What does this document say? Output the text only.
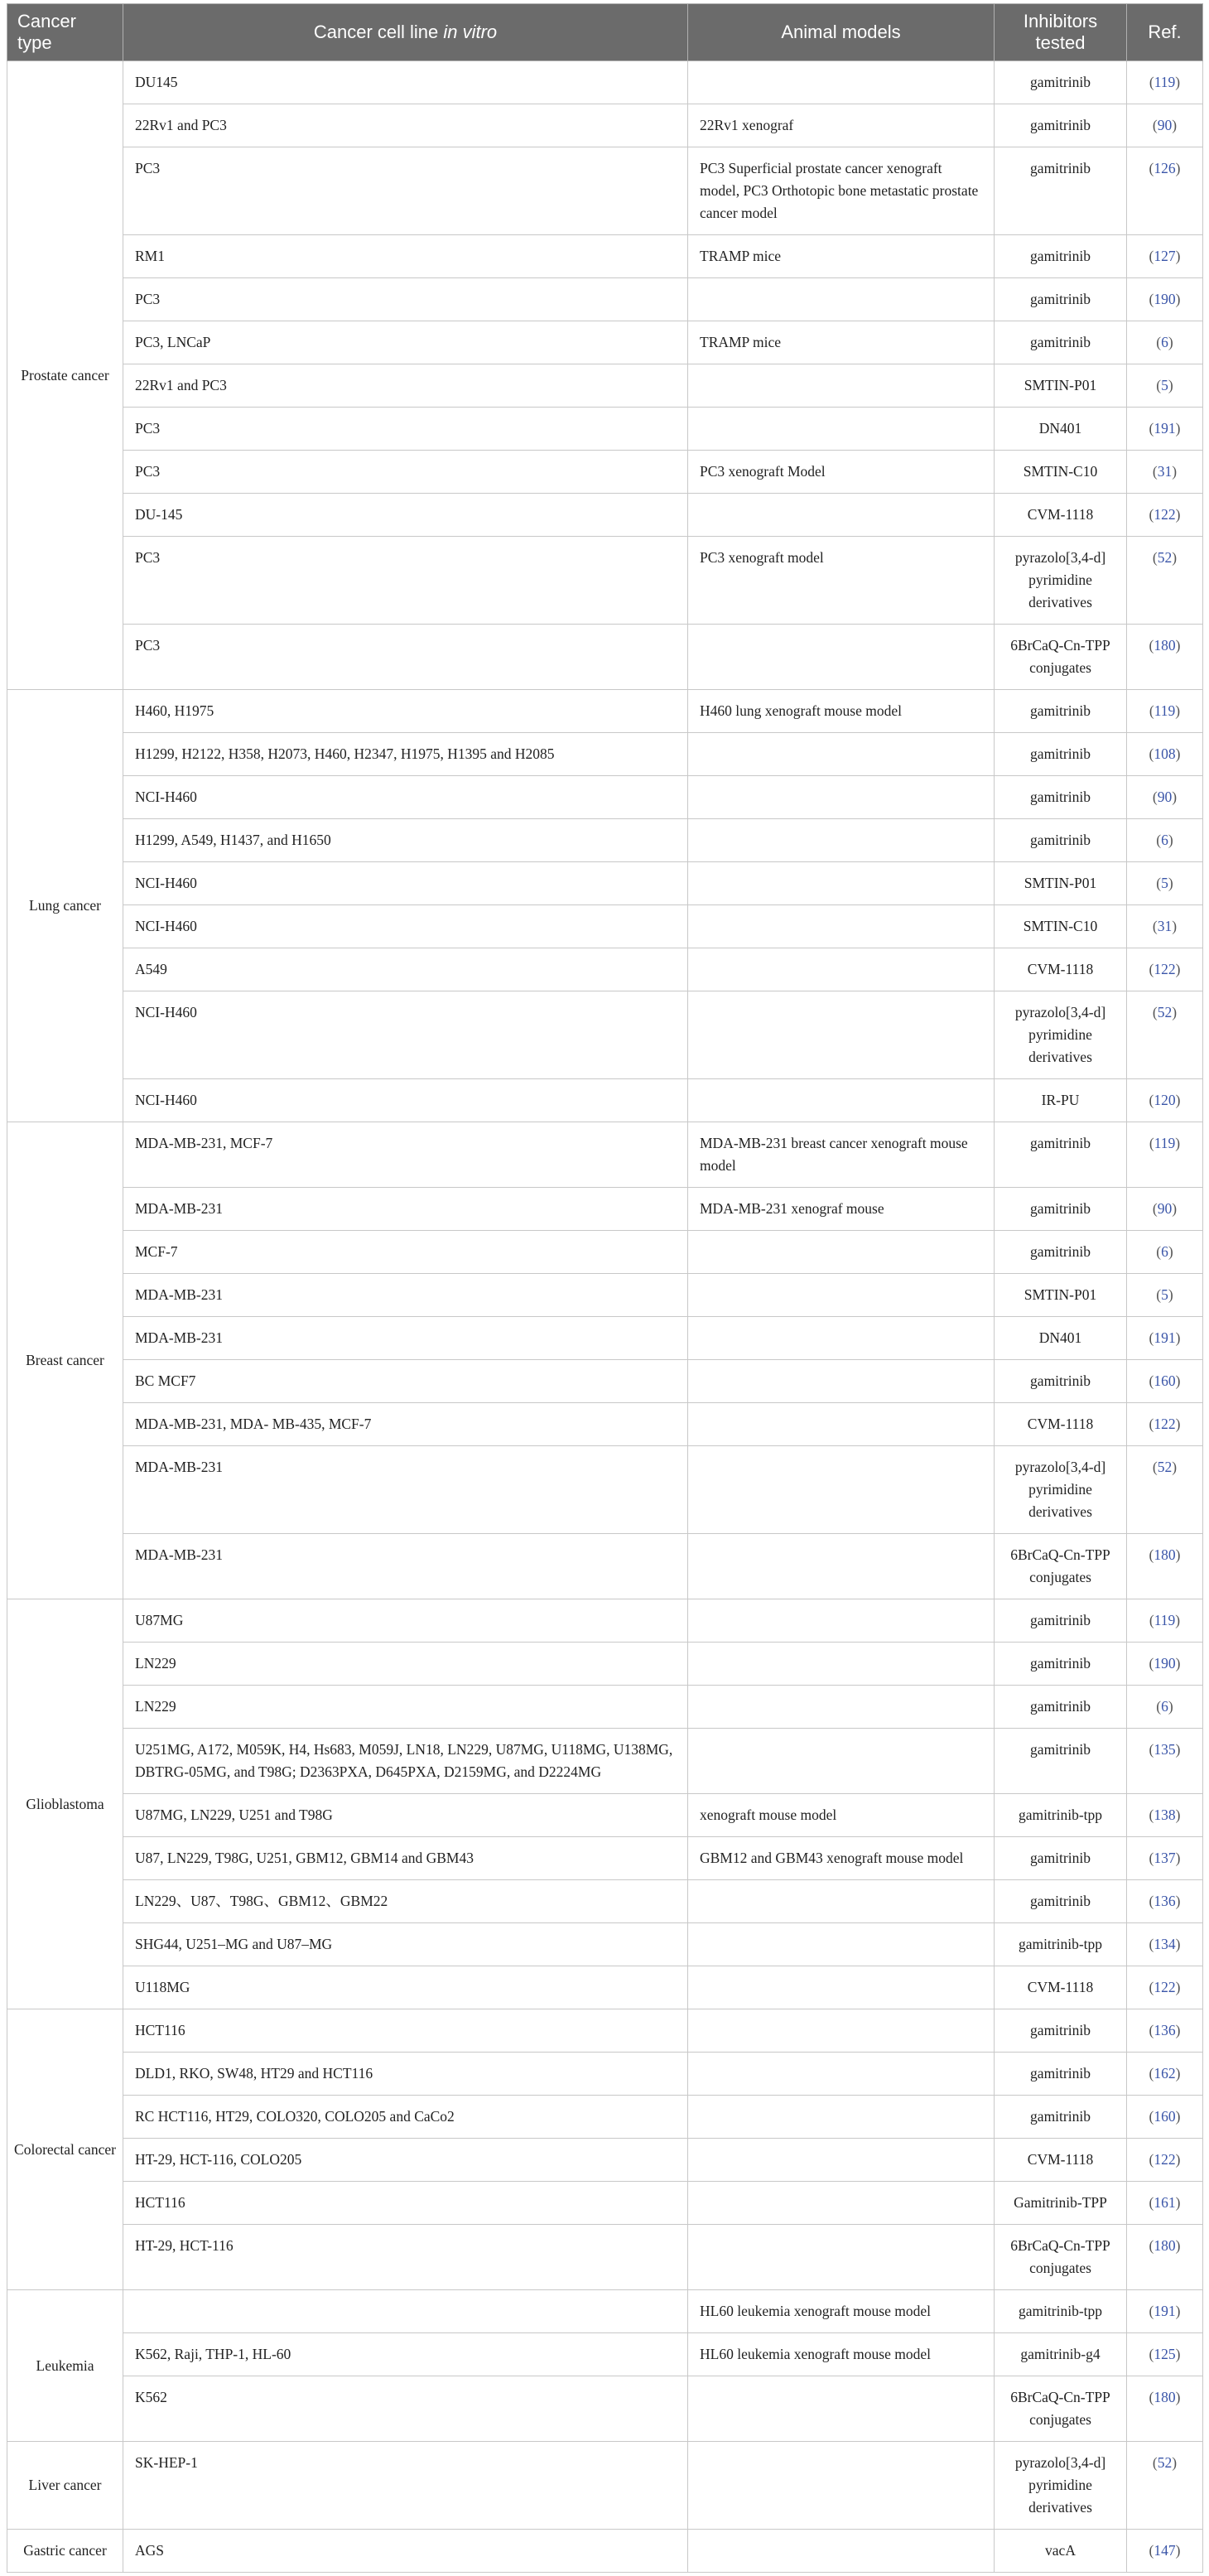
Cancer type	Cancer cell line in vitro	Animal models	Inhibitors tested	Ref.
Prostate cancer	DU145		gamitrinib	(119)
	22Rv1 and PC3	22Rv1 xenograf	gamitrinib	(90)
	PC3	PC3 Superficial prostate cancer xenograft model, PC3 Orthotopic bone metastatic prostate cancer model	gamitrinib	(126)
	RM1	TRAMP mice	gamitrinib	(127)
	PC3		gamitrinib	(190)
	PC3, LNCaP	TRAMP mice	gamitrinib	(6)
	22Rv1 and PC3		SMTIN-P01	(5)
	PC3		DN401	(191)
	PC3	PC3 xenograft Model	SMTIN-C10	(31)
	DU-145		CVM-1118	(122)
	PC3	PC3 xenograft model	pyrazolo[3,4-d] pyrimidine derivatives	(52)
	PC3		6BrCaQ-Cn-TPP conjugates	(180)
Lung cancer	H460, H1975	H460 lung xenograft mouse model	gamitrinib	(119)
	H1299, H2122, H358, H2073, H460, H2347, H1975, H1395 and H2085		gamitrinib	(108)
	NCI-H460		gamitrinib	(90)
	H1299, A549, H1437, and H1650		gamitrinib	(6)
	NCI-H460		SMTIN-P01	(5)
	NCI-H460		SMTIN-C10	(31)
	A549		CVM-1118	(122)
	NCI-H460		pyrazolo[3,4-d] pyrimidine derivatives	(52)
	NCI-H460		IR-PU	(120)
Breast cancer	MDA-MB-231, MCF-7	MDA-MB-231 breast cancer xenograft mouse model	gamitrinib	(119)
	MDA-MB-231	MDA-MB-231 xenograf mouse	gamitrinib	(90)
	MCF-7		gamitrinib	(6)
	MDA-MB-231		SMTIN-P01	(5)
	MDA-MB-231		DN401	(191)
	BC MCF7		gamitrinib	(160)
	MDA-MB-231, MDA- MB-435, MCF-7		CVM-1118	(122)
	MDA-MB-231		pyrazolo[3,4-d] pyrimidine derivatives	(52)
	MDA-MB-231		6BrCaQ-Cn-TPP conjugates	(180)
Glioblastoma	U87MG		gamitrinib	(119)
	LN229		gamitrinib	(190)
	LN229		gamitrinib	(6)
	U251MG, A172, M059K, H4, Hs683, M059J, LN18, LN229, U87MG, U118MG, U138MG, DBTRG-05MG, and T98G; D2363PXA, D645PXA, D2159MG, and D2224MG		gamitrinib	(135)
	U87MG, LN229, U251 and T98G	xenograft mouse model	gamitrinib-tpp	(138)
	U87, LN229, T98G, U251, GBM12, GBM14 and GBM43	GBM12 and GBM43 xenograft mouse model	gamitrinib	(137)
	LN229、U87、T98G、GBM12、GBM22		gamitrinib	(136)
	SHG44, U251–MG and U87–MG		gamitrinib-tpp	(134)
	U118MG		CVM-1118	(122)
Colorectal cancer	HCT116		gamitrinib	(136)
	DLD1, RKO, SW48, HT29 and HCT116		gamitrinib	(162)
	RC HCT116, HT29, COLO320, COLO205 and CaCo2		gamitrinib	(160)
	HT-29, HCT-116, COLO205		CVM-1118	(122)
	HCT116		Gamitrinib-TPP	(161)
	HT-29, HCT-116		6BrCaQ-Cn-TPP conjugates	(180)
Leukemia		HL60 leukemia xenograft mouse model	gamitrinib-tpp	(191)
	K562, Raji, THP-1, HL-60	HL60 leukemia xenograft mouse model	gamitrinib-g4	(125)
	K562		6BrCaQ-Cn-TPP conjugates	(180)
Liver cancer	SK-HEP-1		pyrazolo[3,4-d] pyrimidine derivatives	(52)
Gastric cancer	AGS		vacA	(147)
